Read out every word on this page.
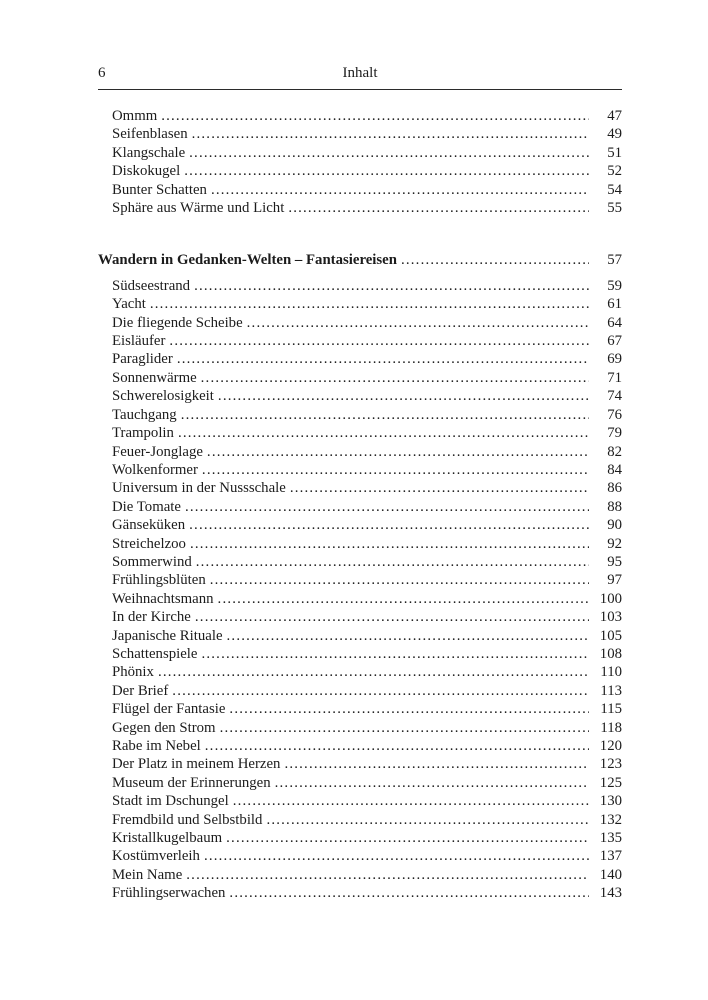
6	Inhalt
Ommm .....	47
Seifenblasen .....	49
Klangschale .....	51
Diskokugel .....	52
Bunter Schatten .....	54
Sphäre aus Wärme und Licht .....	55
Wandern in Gedanken-Welten – Fantasiereisen .....	57
Südseestrand .....	59
Yacht .....	61
Die fliegende Scheibe .....	64
Eisläufer .....	67
Paraglider .....	69
Sonnenwärme .....	71
Schwerelosigkeit .....	74
Tauchgang .....	76
Trampolin .....	79
Feuer-Jonglage .....	82
Wolkenformer .....	84
Universum in der Nussschale .....	86
Die Tomate .....	88
Gänseküken .....	90
Streichelzoo .....	92
Sommerwind .....	95
Frühlingsblüten .....	97
Weihnachtsmann .....	100
In der Kirche .....	103
Japanische Rituale .....	105
Schattenspiele .....	108
Phönix .....	110
Der Brief .....	113
Flügel der Fantasie .....	115
Gegen den Strom .....	118
Rabe im Nebel .....	120
Der Platz in meinem Herzen .....	123
Museum der Erinnerungen .....	125
Stadt im Dschungel .....	130
Fremdbild und Selbstbild .....	132
Kristallkugelbaum .....	135
Kostümverleih .....	137
Mein Name .....	140
Frühlingserwachen .....	143
